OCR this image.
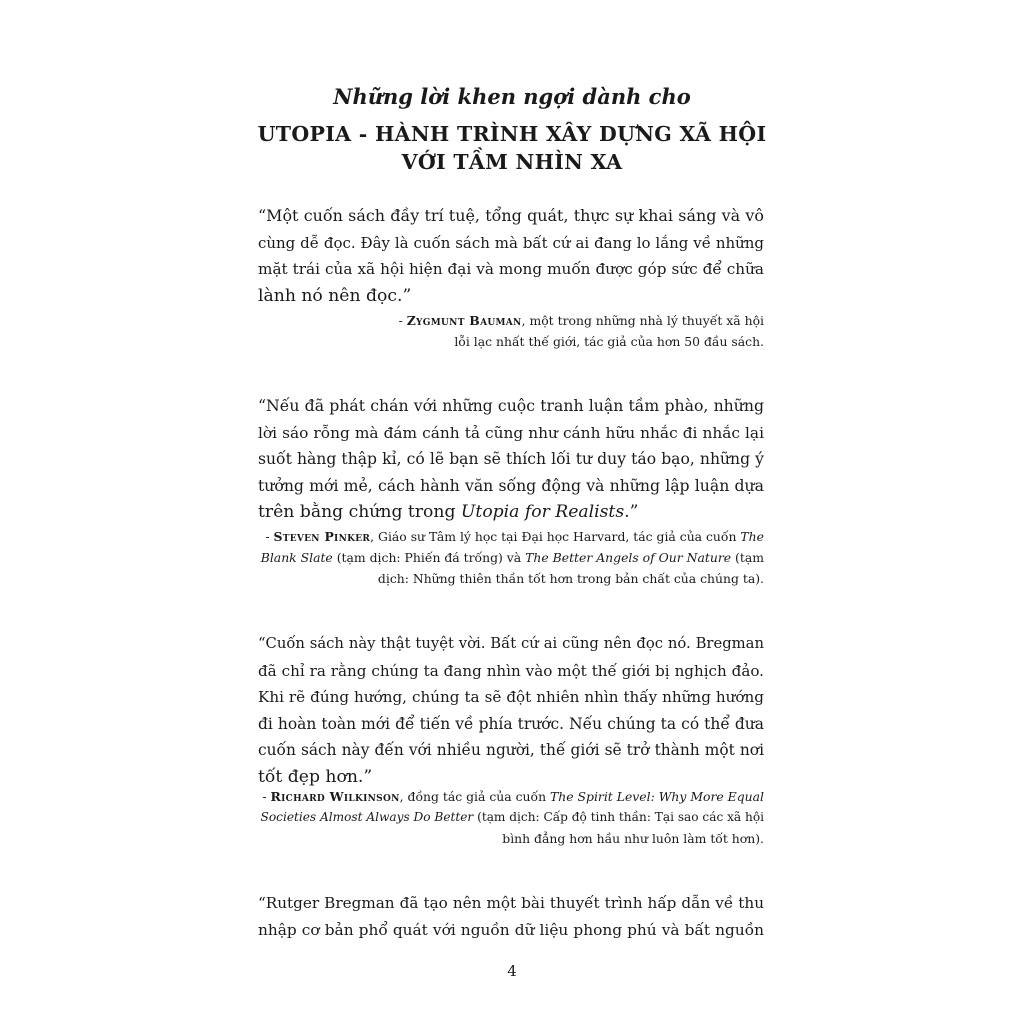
Những lời khen ngợi dành cho
UTOPIA - HÀNH TRÌNH XÂY DỰNG XÃ HỘI
VỚI TẦM NHÌN XA
“Một cuốn sách đầy trí tuệ, tổng quát, thực sự khai sáng và vô
cùng dễ đọc. Đây là cuốn sách mà bất cứ ai đang lo lắng về những
mặt trái của xã hội hiện đại và mong muốn được góp sức để chữa
lành nó nên đọc.”
- Zygmunt Bauman, một trong những nhà lý thuyết xã hội
lỗi lạc nhất thế giới, tác giả của hơn 50 đầu sách.
“Nếu đã phát chán với những cuộc tranh luận tầm phào, những
lời sáo rỗng mà đám cánh tả cũng như cánh hữu nhắc đi nhắc lại
suốt hàng thập kỉ, có lẽ bạn sẽ thích lối tư duy táo bạo, những ý
tưởng mới mẻ, cách hành văn sống động và những lập luận dựa
trên bằng chứng trong Utopia for Realists.”
- Steven Pinker, Giáo sư Tâm lý học tại Đại học Harvard, tác giả của cuốn The
Blank Slate (tạm dịch: Phiến đá trống) và The Better Angels of Our Nature (tạm
dịch: Những thiên thần tốt hơn trong bản chất của chúng ta).
“Cuốn sách này thật tuyệt vời. Bất cứ ai cũng nên đọc nó. Bregman
đã chỉ ra rằng chúng ta đang nhìn vào một thế giới bị nghịch đảo.
Khi rẽ đúng hướng, chúng ta sẽ đột nhiên nhìn thấy những hướng
đi hoàn toàn mới để tiến về phía trước. Nếu chúng ta có thể đưa
cuốn sách này đến với nhiều người, thế giới sẽ trở thành một nơi
tốt đẹp hơn.”
- Richard Wilkinson, đồng tác giả của cuốn The Spirit Level: Why More Equal
Societies Almost Always Do Better (tạm dịch: Cấp độ tinh thần: Tại sao các xã hội
bình đẳng hơn hầu như luôn làm tốt hơn).
“Rutger Bregman đã tạo nên một bài thuyết trình hấp dẫn về thu
nhập cơ bản phổ quát với nguồn dữ liệu phong phú và bất nguồn
4
